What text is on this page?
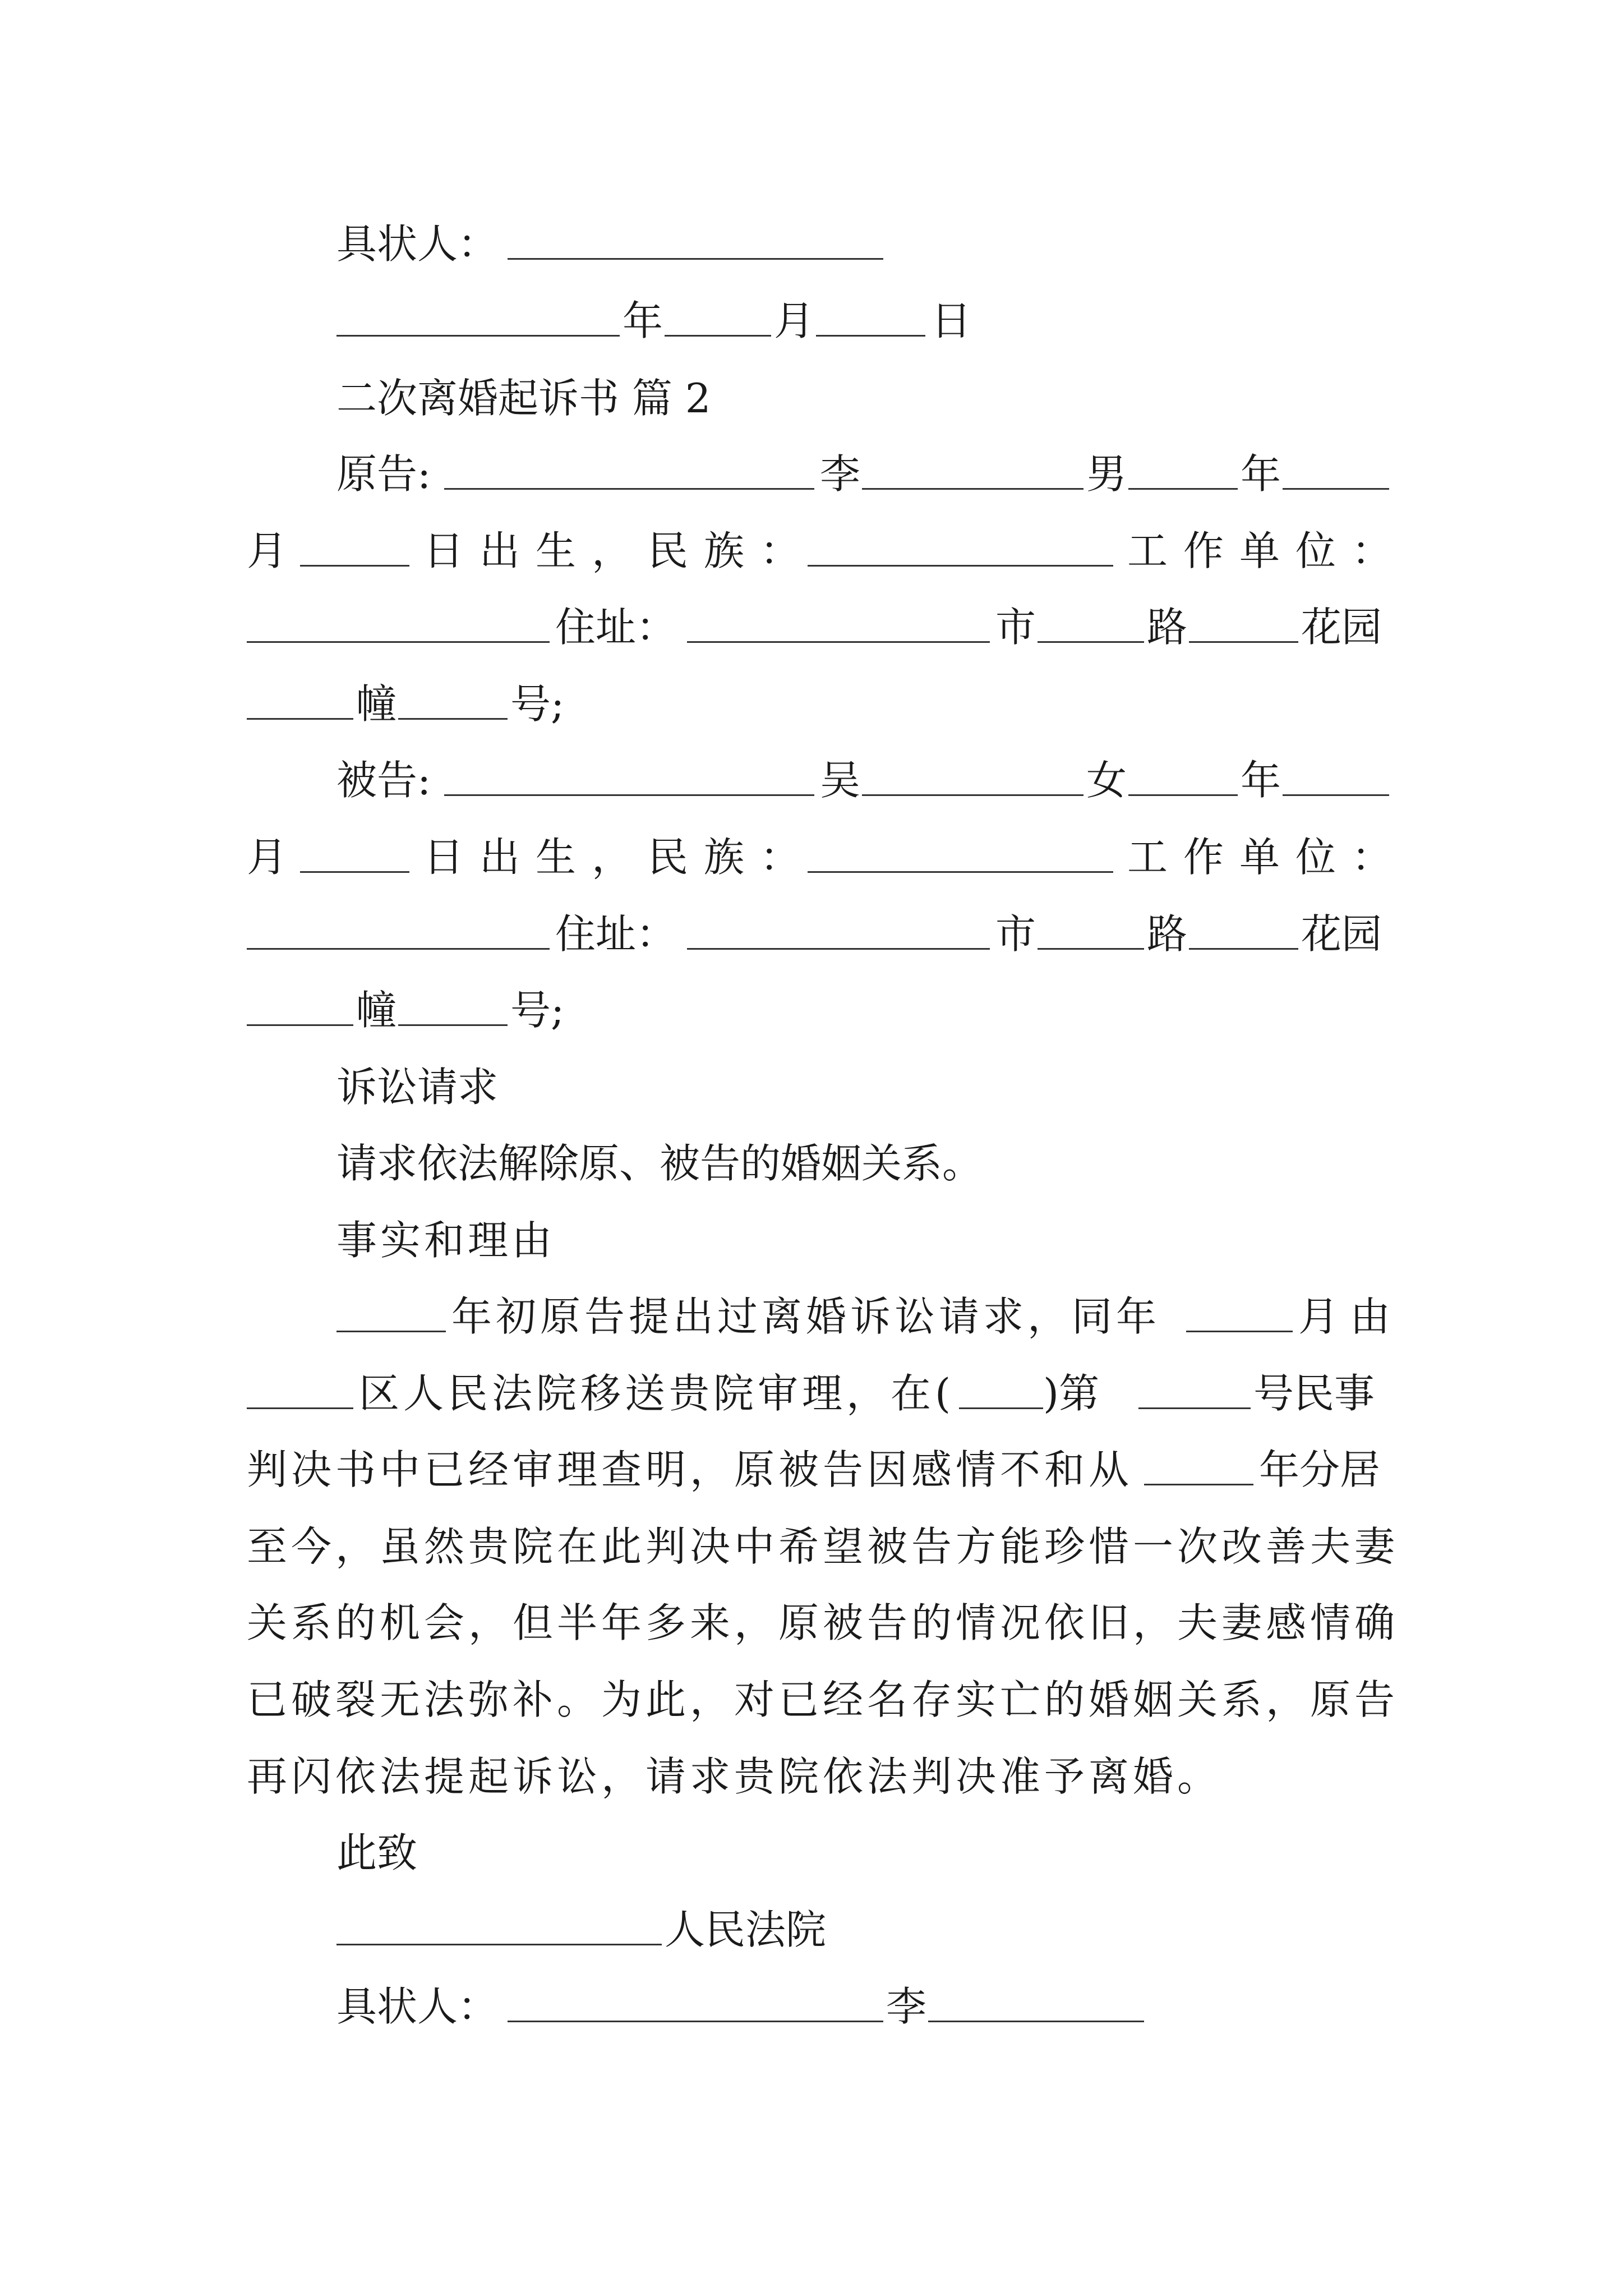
具状人：
年	月	日
二次离婚起诉书 篇 2
原告:	李	男	年
月	日出生，民族：	工作单位：
住址：	市	路	花园
幢	号;
被告:	吴	女	年
月	日出生，民族：	工作单位：
住址：	市	路	花园
幢	号;
诉讼请求
请求依法解除原、被告的婚姻关系。
事实和理由
年初原告提出过离婚诉讼请求，同年	月由
区人民法院移送贵院审理，在( )第	号民事
判决书中已经审理查明，原被告因感情不和从	年分居
至今，虽然贵院在此判决中希望被告方能珍惜一次改善夫妻
关系的机会，但半年多来，原被告的情况依旧，夫妻感情确
已破裂无法弥补。为此，对已经名存实亡的婚姻关系，原告
再闪依法提起诉讼，请求贵院依法判决准予离婚。
此致
人民法院
具状人：	李
